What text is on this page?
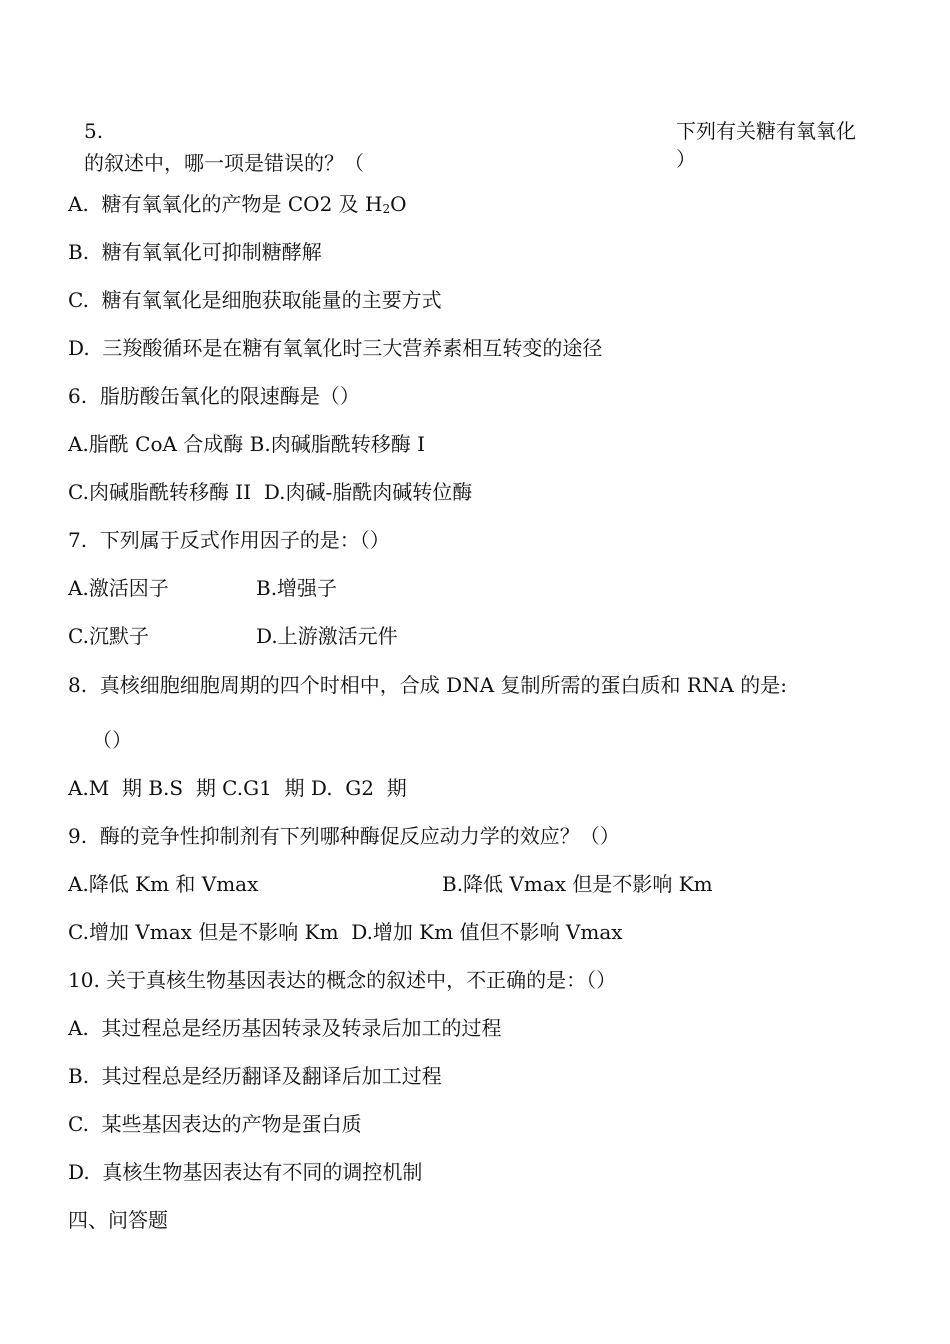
5.	下列有关糖有氧氧化
）
的叙述中，哪一项是错误的？（
A.  糖有氧氧化的产物是 CO2 及 $H_2O$
B.  糖有氧氧化可抑制糖酵解
C.  糖有氧氧化是细胞获取能量的主要方式
D.  三羧酸循环是在糖有氧氧化时三大营养素相互转变的途径
6.  脂肪酸缶氧化的限速酶是（）
A.脂酰 CoA 合成酶 B.肉碱脂酰转移酶 I
C.肉碱脂酰转移酶 II  D.肉碱-脂酰肉碱转位酶
7.  下列属于反式作用因子的是：（）
A.激活因子	B.增强子
C.沉默子	D.上游激活元件
8.  真核细胞细胞周期的四个时相中，合成 DNA 复制所需的蛋白质和 RNA 的是:
（）
A.M  期 B.S  期 C.G1  期 D.  G2  期
9.  酶的竞争性抑制剂有下列哪种酶促反应动力学的效应？（）
A.降低 Km 和 Vmax	B.降低 Vmax 但是不影响 Km
C.增加 Vmax 但是不影响 Km  D.增加 Km 值但不影响 Vmax
10. 关于真核生物基因表达的概念的叙述中，不正确的是：（）
A.  其过程总是经历基因转录及转录后加工的过程
B.  其过程总是经历翻译及翻译后加工过程
C.  某些基因表达的产物是蛋白质
D.  真核生物基因表达有不同的调控机制
四、问答题
